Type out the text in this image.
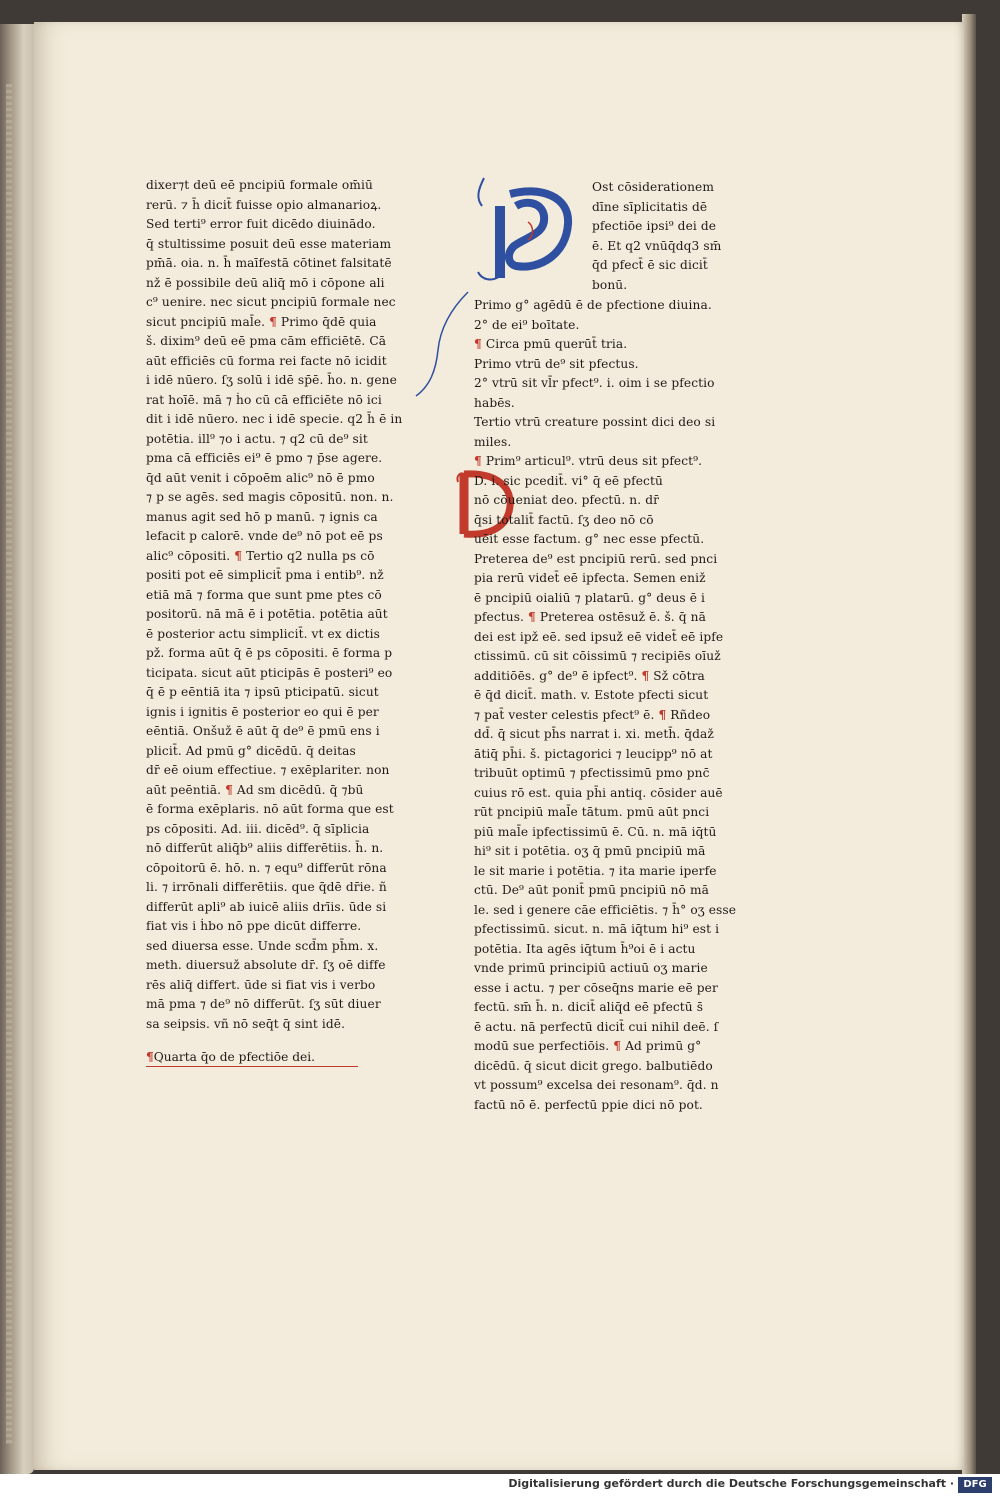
dixer⁊t deū eē pncipiū formale om̄iū
rerū. ⁊ h̄ dicit̄ fuisse opio almanarioꝝ.
Sed terti⁹ error fuit dicēdo diuinādo.
q̄ stultissime posuit deū esse materiam
pm̄ā. oia. n. h̄ maīfestā cōtinet falsitatē
nž ē possibile deū aliq̄ mō i cōpone ali
c⁹ uenire. nec sicut pncipiū formale nec
sicut pncipiū mal̄e. ¶ Primo q̄dē quia
š. dixim⁹ deū eē pma cām efficiētē. Cā
aūt efficiēs cū forma rei facte nō icidit
i idē nūero. ſʒ solū i idē sp̄ē. h̄o. n. gene
rat hoīē. mā ⁊ ḣo cū cā efficiēte nō ici
dit i idē nūero. nec i idē specie. q2 h̄ ē in
potētia. ill⁹ ⁊o i actu. ⁊ q2 cū de⁹ sit
pma cā efficiēs ei⁹ ē pmo ⁊ p̄se agere.
q̄d aūt venit i cōpoēm alic⁹ nō ē pmo
⁊ p se agēs. sed magis cōpositū. non. n.
manus agit sed hō p manū. ⁊ ignis ca
lefacit p calorē. vnde de⁹ nō pot eē ps
alic⁹ cōpositi. ¶ Tertio q2 nulla ps cō
positi pot eē simplicit̄ pma i entib⁹. nž
etiā mā ⁊ forma que sunt pme ptes cō
positorū. nā mā ē i potētia. potētia aūt
ē posterior actu simplicit̄. vt ex dictis
pž. forma aūt q̄ ē ps cōpositi. ē forma p
ticipata. sicut aūt pticipās ē posteri⁹ eo
q̄ ē p eēntiā ita ⁊ ipsū pticipatū. sicut
ignis i ignitis ē posterior eo qui ē per
eēntiā. Onšuž ē aūt q̄ de⁹ ē pmū ens i
plicit̄. Ad pmū g° dicēdū. q̄ deitas
dr̄ eē oium effectiue. ⁊ exēplariter. non
aūt peēntiā. ¶ Ad sm dicēdū. q̄ ⁊bū
ē forma exēplaris. nō aūt forma que est
ps cōpositi. Ad. iii. dicēd⁹. q̄ sīplicia
nō differūt aliq̄b⁹ aliis differētiis. h̄. n.
cōpoitorū ē. hō. n. ⁊ equ⁹ differūt rōna
li. ⁊ irrōnali differētiis. que q̄dē dr̄ie. ñ
differūt apli⁹ ab iuicē aliis drīis. ūde si
fiat vis i ḣbo nō ppe dicūt differre.
sed diuersa esse. Unde scd̄m ph̄m. x.
meth. diuersuž absolute dr̄. ſʒ oē diffe
rēs aliq̄ differt. ūde si fiat vis i verbo
mā pma ⁊ de⁹ nō differūt. ſʒ sūt diuer
sa seipsis. vñ nō seq̄t q̄ sint idē.
¶Quarta q̄o de pfectiōe dei.
Ost cōsiderationem
dīne sīplicitatis dē
pfectiōe ipsi⁹ dei de
ē. Et q2 vnūq̄dq3 sm̄
q̄d pfect̄ ē sic dicit̄
bonū.
Primo g° agēdū ē de pfectione diuina.
2° de ei⁹ boītate.
¶ Circa pmū querūt̄ tria.
Primo vtrū de⁹ sit pfectus.
2° vtrū sit vl̄r pfect⁹. i. oim i se pfectio
habēs.
Tertio vtrū creature possint dici deo si
miles.
¶ Prim⁹ articul⁹. vtrū deus sit pfect⁹.
D. i. sic pcedit̄. vi° q̄ eē pfectū
nō cōueniat deo. pfectū. n. dr̄
q̄si totalit̄ factū. ſʒ deo nō cō
uēit esse factum. g° nec esse pfectū.
Preterea de⁹ est pncipiū rerū. sed pnci
pia rerū videt̄ eē ipfecta. Semen eniž
ē pncipiū oialiū ⁊ platarū. g° deus ē i
pfectus. ¶ Preterea ostēsuž ē. š. q̄ nā
dei est ipž eē. sed ipsuž eē videt̄ eē ipfe
ctissimū. cū sit cōissimū ⁊ recipiēs oīuž
additiōēs. g° de⁹ ē ipfect⁹. ¶ Sž cōtra
ē q̄d dicit̄. math. v. Estote pfecti sicut
⁊ pat̄ vester celestis pfect⁹ ē. ¶ Rñdeo
dd̄. q̄ sicut ph̄s narrat i. xi. meth̄. q̄daž
ātiq̄ ph̄i. š. pictagorici ⁊ leucipp⁹ nō at
tribuūt optimū ⁊ pfectissimū pmo pnc̄
cuius rō est. quia ph̄i antiq. cōsider auē
rūt pncipiū mal̄e tātum. pmū aūt pnci
piū mal̄e ipfectissimū ē. Cū. n. mā iq̄tū
hi⁹ sit i potētia. oʒ q̄ pmū pncipiū mā
le sit marie i potētia. ⁊ ita marie iperfe
ctū. De⁹ aūt ponit̄ pmū pncipiū nō mā
le. sed i genere cāe efficiētis. ⁊ h̄° oʒ esse
pfectissimū. sicut. n. mā iq̄tum hi⁹ est i
potētia. Ita agēs iq̄tum h̄⁹oi ē i actu
vnde primū principiū actiuū oʒ marie
esse i actu. ⁊ per cōseq̄ns marie eē per
fectū. sm̄ h̄. n. dicit̄ aliq̄d eē pfectū s̄
ē actu. nā perfectū dicit̄ cui nihil deē. ſ
modū sue perfectiōis. ¶ Ad primū g°
dicēdū. q̄ sicut dicit grego. balbutiēdo
vt possum⁹ excelsa dei resonam⁹. q̄d. n
factū nō ē. perfectū ppie dici nō pot.
Digitalisierung gefördert durch die Deutsche Forschungsgemeinschaft · DFG
